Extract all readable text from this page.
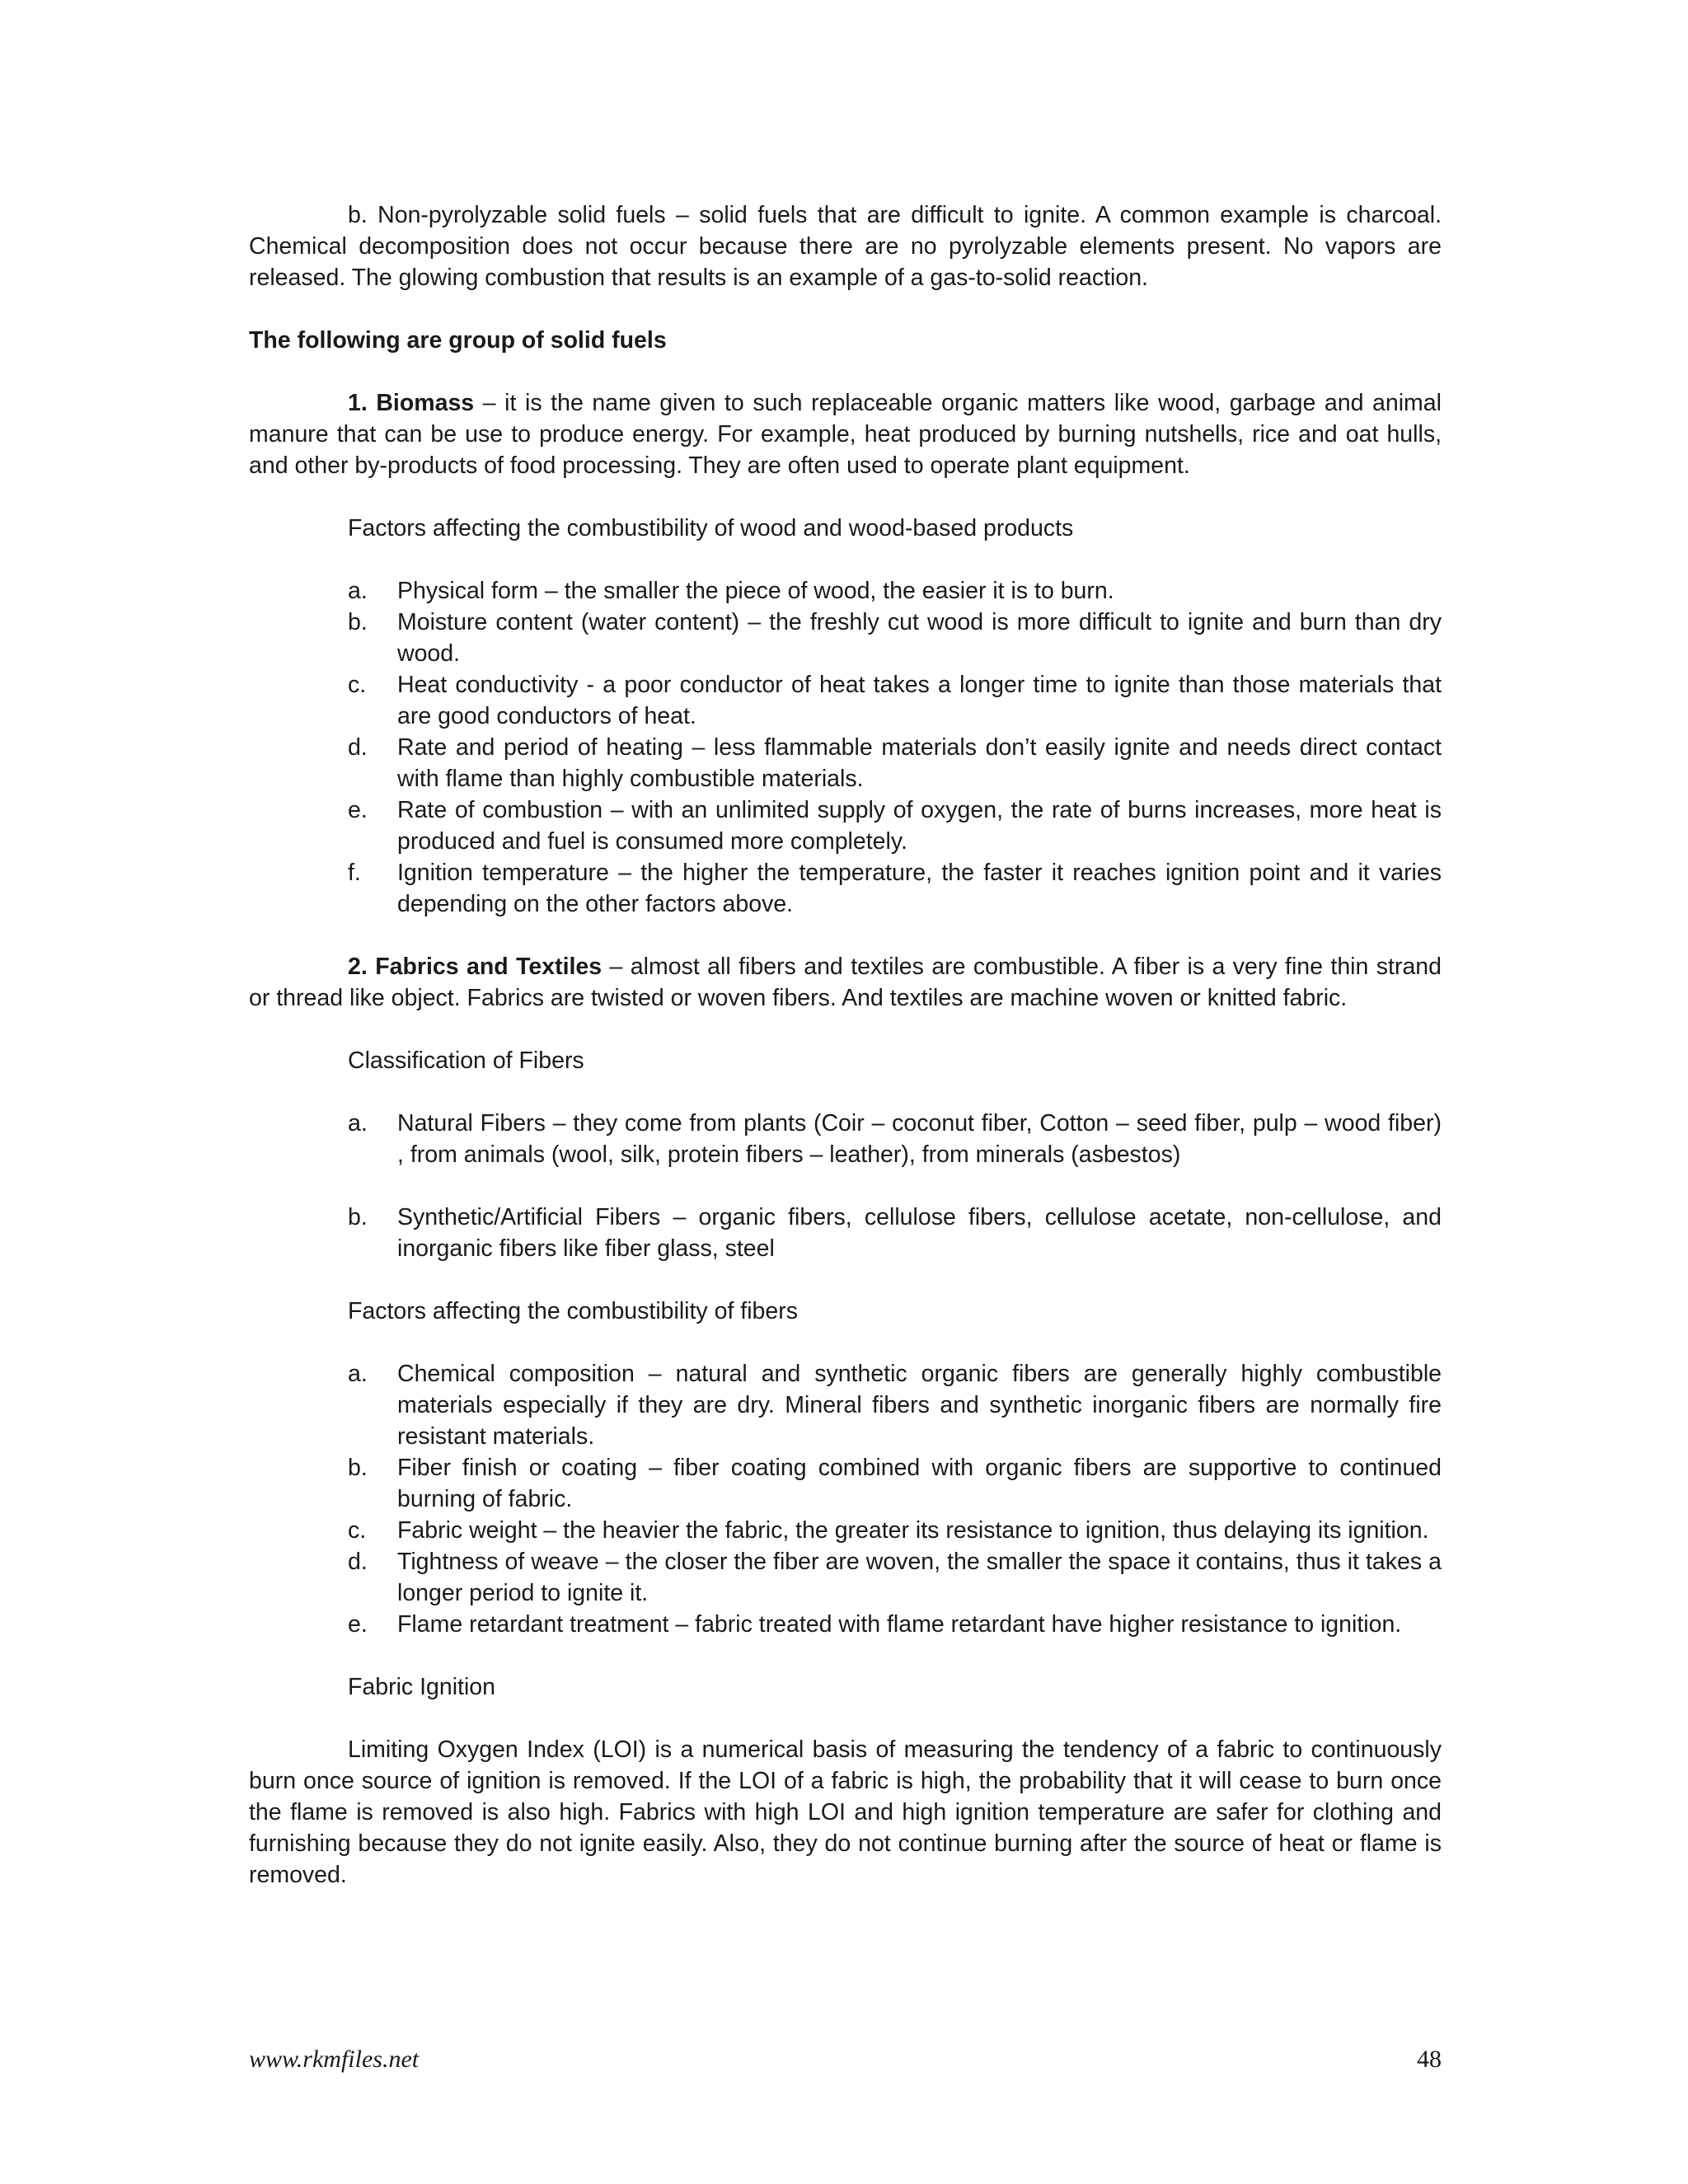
b. Non-pyrolyzable solid fuels – solid fuels that are difficult to ignite. A common example is charcoal. Chemical decomposition does not occur because there are no pyrolyzable elements present. No vapors are released. The glowing combustion that results is an example of a gas-to-solid reaction.

The following are group of solid fuels

1. Biomass – it is the name given to such replaceable organic matters like wood, garbage and animal manure that can be use to produce energy. For example, heat produced by burning nutshells, rice and oat hulls, and other by-products of food processing. They are often used to operate plant equipment.

Factors affecting the combustibility of wood and wood-based products

a. Physical form – the smaller the piece of wood, the easier it is to burn.
b. Moisture content (water content) – the freshly cut wood is more difficult to ignite and burn than dry wood.
c. Heat conductivity - a poor conductor of heat takes a longer time to ignite than those materials that are good conductors of heat.
d. Rate and period of heating – less flammable materials don’t easily ignite and needs direct contact with flame than highly combustible materials.
e. Rate of combustion – with an unlimited supply of oxygen, the rate of burns increases, more heat is produced and fuel is consumed more completely.
f. Ignition temperature – the higher the temperature, the faster it reaches ignition point and it varies depending on the other factors above.

2. Fabrics and Textiles – almost all fibers and textiles are combustible. A fiber is a very fine thin strand or thread like object. Fabrics are twisted or woven fibers. And textiles are machine woven or knitted fabric.

Classification of Fibers

a. Natural Fibers – they come from plants (Coir – coconut fiber, Cotton – seed fiber, pulp – wood fiber) , from animals (wool, silk, protein fibers – leather), from minerals (asbestos)
b. Synthetic/Artificial Fibers – organic fibers, cellulose fibers, cellulose acetate, non-cellulose, and inorganic fibers like fiber glass, steel

Factors affecting the combustibility of fibers

a. Chemical composition – natural and synthetic organic fibers are generally highly combustible materials especially if they are dry. Mineral fibers and synthetic inorganic fibers are normally fire resistant materials.
b. Fiber finish or coating – fiber coating combined with organic fibers are supportive to continued burning of fabric.
c. Fabric weight – the heavier the fabric, the greater its resistance to ignition, thus delaying its ignition.
d. Tightness of weave – the closer the fiber are woven, the smaller the space it contains, thus it takes a longer period to ignite it.
e. Flame retardant treatment – fabric treated with flame retardant have higher resistance to ignition.

Fabric Ignition

Limiting Oxygen Index (LOI) is a numerical basis of measuring the tendency of a fabric to continuously burn once source of ignition is removed. If the LOI of a fabric is high, the probability that it will cease to burn once the flame is removed is also high. Fabrics with high LOI and high ignition temperature are safer for clothing and furnishing because they do not ignite easily. Also, they do not continue burning after the source of heat or flame is removed.

www.rkmfiles.net	48
